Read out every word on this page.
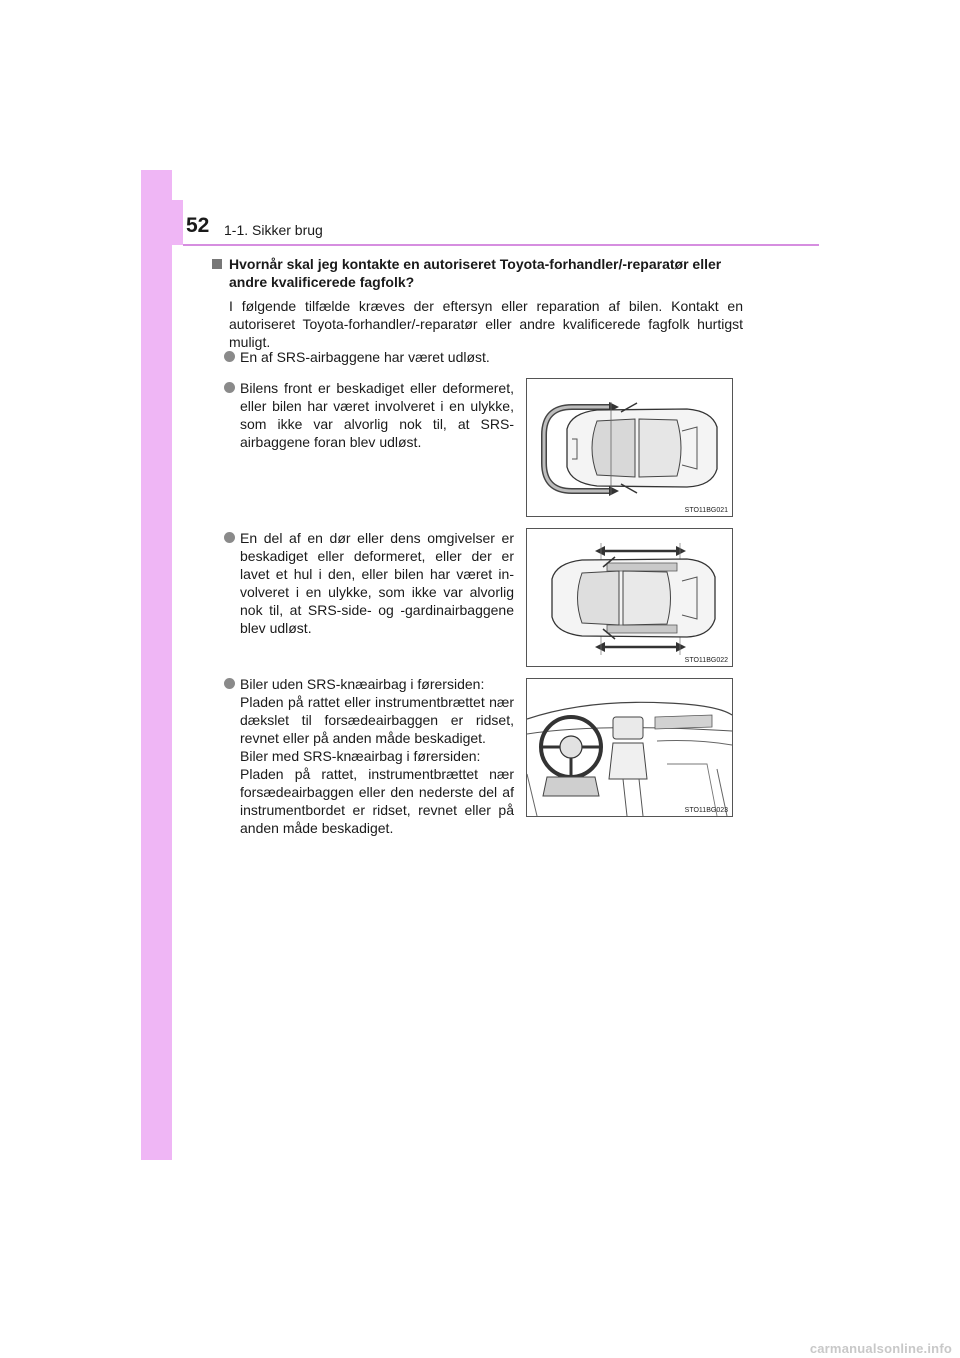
52 1-1. Sikker brug
Hvornår skal jeg kontakte en autoriseret Toyota-forhandler/-reparatør eller andre kvalificerede fagfolk?
I følgende tilfælde kræves der eftersyn eller reparation af bilen. Kontakt en autoriseret Toyota-forhandler/-reparatør eller andre kvalificerede fagfolk hurtigst muligt.
En af SRS-airbaggene har været udløst.
Bilens front er beskadiget eller deformeret, eller bilen har været involveret i en ulykke, som ikke var alvorlig nok til, at SRS-airbaggene foran blev udløst.
En del af en dør eller dens omgivelser er beskadiget eller deformeret, eller der er lavet et hul i den, eller bilen har været involveret i en ulykke, som ikke var alvorlig nok til, at SRS-side- og -gardinairbaggene blev udløst.

Biler uden SRS-knæairbag i førersiden:

Pladen på rattet eller instrumentbrættet nær dækslet til forsædeairbaggen er ridset, revnet eller på anden måde beskadiget.

Biler med SRS-knæairbag i førersiden:

Pladen på rattet, instrumentbrættet nær forsædeairbaggen eller den nederste del af instrumentbordet er ridset, revnet eller på anden måde beskadiget.

STO11BG021
STO11BG022
STO11BG023
carmanualsonline.info
